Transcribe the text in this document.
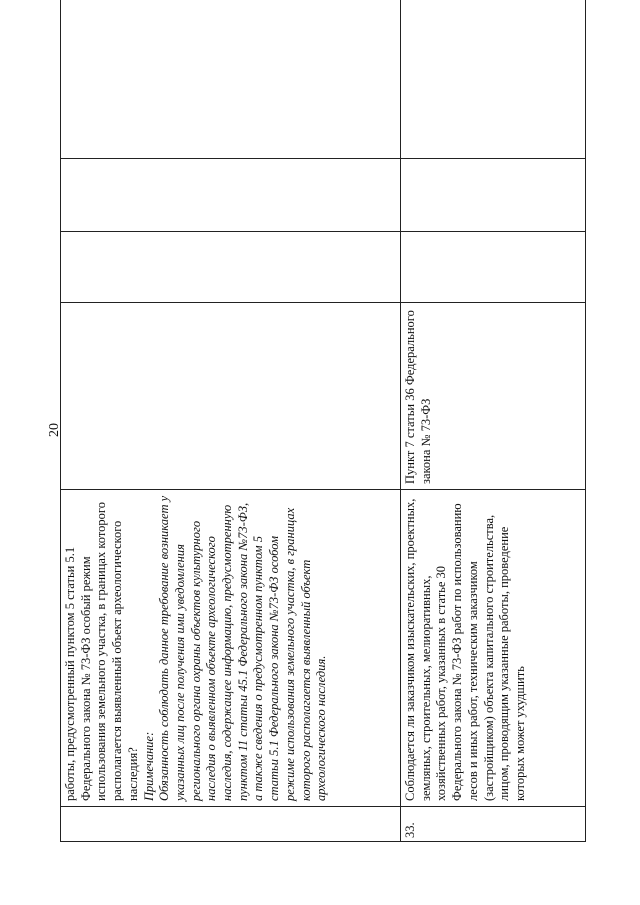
20

	работы, предусмотренный пунктом 5 статьи 5.1 Федерального закона № 73-ФЗ особый режим использования земельного участка, в границах которого располагается выявленный объект археологического наследия? Примечание: Обязанность соблюдать данное требование возникает у указанных лиц после получения ими уведомления регионального органа охраны объектов культурного наследия о выявленном объекте археологического наследия, содержащее информацию, предусмотренную пунктом 11 статьи 45.1 Федерального закона №73-ФЗ, а также сведения о предусмотренном пунктом 5 статьи 5.1 Федерального закона №73-ФЗ особом режиме использования земельного участка, в границах которого располагается выявленный объект археологического наследия.				

33.	Соблюдается ли заказчиком изыскательских, проектных, земляных, строительных, мелиоративных, хозяйственных работ, указанных в статье 30 Федерального закона № 73-ФЗ работ по использованию лесов и иных работ, техническим заказчиком (застройщиком) объекта капитального строительства, лицом, проводящим указанные работы, проведение которых может ухудшить	Пункт 7 статьи 36 Федерального закона № 73-ФЗ			
